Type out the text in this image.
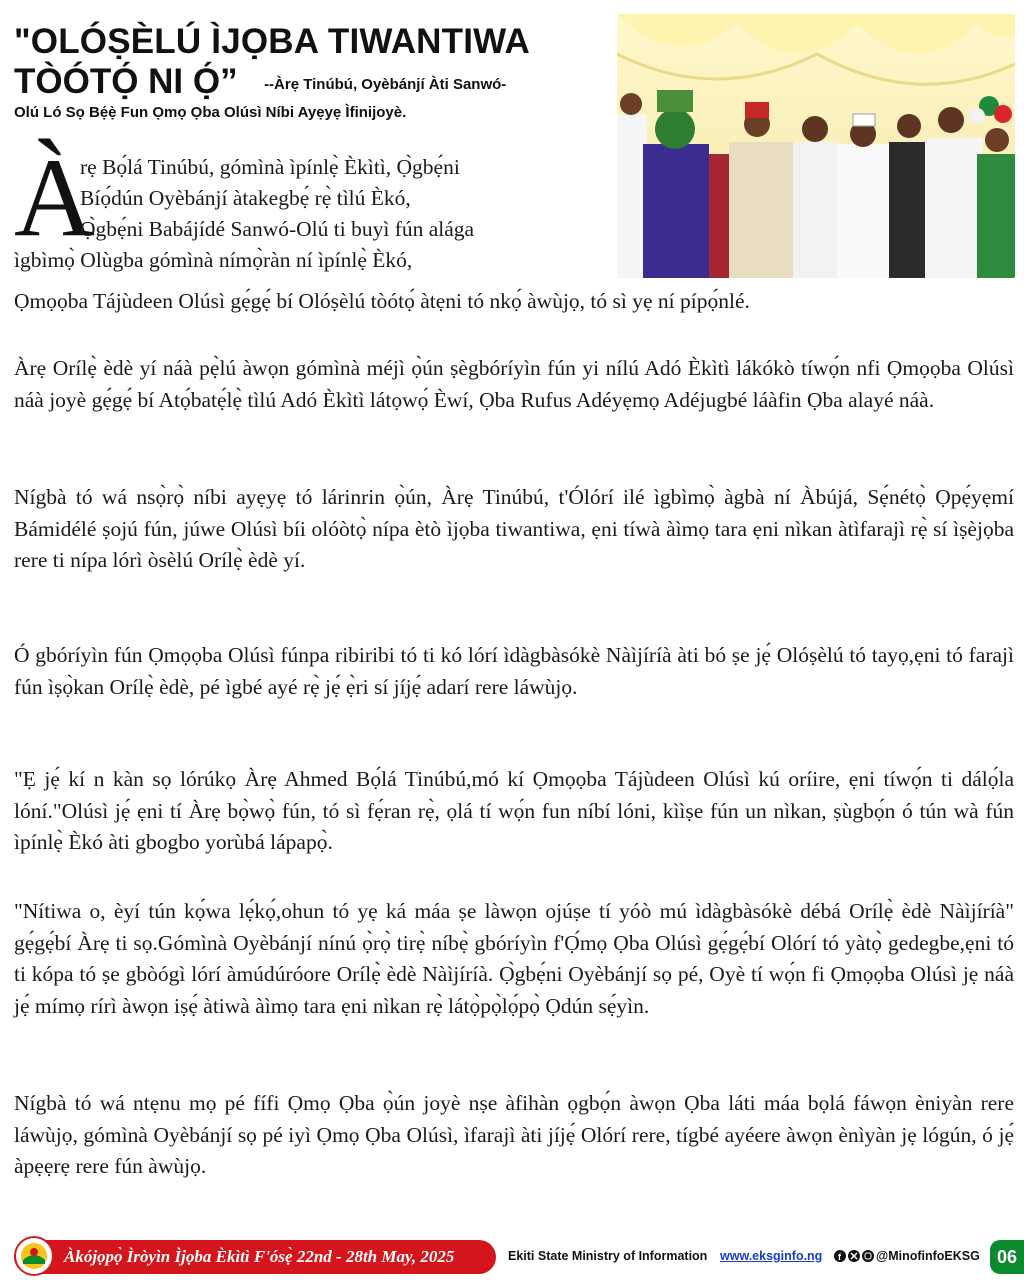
"OLÓṢÈLÚ ÌJỌBA TIWANTIWA
TÒÓTỌ́ NI Ọ́” --Àrẹ Tinúbú, Oyèbánjí Àti Sanwó-
Olú Ló Sọ Bẹ́ẹ̀ Fun Ọmọ Ọba Olúsì Níbi Ayẹyẹ Ìfinijoyè.
À
rẹ Bọ́lá Tinúbú, gómìnà ìpínlẹ̀ Èkìtì, Ọ̀gbẹ́ni
Bíọ́dún Oyèbánjí àtakegbẹ́ rẹ̀ tìlú Èkó,
Ọ̀gbẹ́ni Babájídé Sanwó-Olú ti buyì fún alága
ìgbìmọ̀ Olùgba gómìnà nímọ̀ràn ní ìpínlẹ̀ Èkó,
Ọmọọba Tájùdeen Olúsì gẹ́gẹ́ bí Olóṣèlú tòótọ́ àtẹni tó nkọ́ àwùjọ, tó sì yẹ ní pípọ́nlé.

Àrẹ Orílẹ̀ èdè yí náà pẹ̀lú àwọn gómìnà méjì ọ̀ún ṣègbóríyìn fún yi nílú Adó Èkìtì lákókò tíwọ́n nfi Ọmọọba Olúsì náà joyè gẹ́gẹ́ bí Atọ́batẹ́lẹ̀ tìlú Adó Èkìtì látọwọ́ Èwí, Ọba Rufus Adéyẹmọ Adéjugbé láàfin Ọba alayé náà.

Nígbà tó wá nsọ̀rọ̀ níbi ayẹyẹ tó lárinrin ọ̀ún, Àrẹ Tinúbú, t'Ólórí ilé ìgbìmọ̀ àgbà ní Àbújá, Sẹ́nétọ̀ Ọpẹ́yẹmí Bámidélé ṣojú fún, júwe Olúsì bíi olóòtọ̀ nípa ètò ìjọba tiwantiwa, ẹni tíwà àìmọ tara ẹni nìkan àtìfarajì rẹ̀ sí ìṣèjọba rere ti nípa lórì òsèlú Orílẹ̀ èdè yí.

Ó gbóríyìn fún Ọmọọba Olúsì fúnpa ribiribi tó ti kó lórí ìdàgbàsókè Nàìjíríà àti bó ṣe jẹ́ Olóṣèlú tó tayọ,ẹni tó farajì fún ìṣọ̀kan Orílẹ̀ èdè, pé ìgbé ayé rẹ̀ jẹ́ ẹ̀ri sí jíjẹ́ adarí rere láwùjọ.

"Ẹ jẹ́ kí n kàn sọ lórúkọ Àrẹ Ahmed Bọ́lá Tinúbú,mó kí Ọmọọba Tájùdeen Olúsì kú oríire, ẹni tíwọ́n ti dálọ́la lóní."Olúsì jẹ́ ẹni tí Àrẹ bọ̀wọ̀ fún, tó sì fẹ́ran rẹ̀, ọlá tí wọ́n fun níbí lóni, kììṣe fún un nìkan, ṣùgbọ́n ó tún wà fún ìpínlẹ̀ Èkó àti gbogbo yorùbá lápapọ̀.

"Nítiwa o, èyí tún kọ́wa lẹ́kọ́,ohun tó yẹ ká máa ṣe làwọn ojúṣe tí yóò mú ìdàgbàsókè débá Orílẹ̀ èdè Nàìjíríà" gẹ́gẹ́bí Àrẹ ti sọ.Gómìnà Oyèbánjí nínú ọ̀rọ̀ tirẹ̀ níbẹ̀ gbóríyìn f'Ọ́mọ Ọba Olúsì gẹ́gẹ́bí Olórí tó yàtọ̀ gedegbe,ẹni tó ti kópa tó ṣe gbòógì lórí àmúdúróore Orílẹ̀ èdè Nàìjíríà. Ọ̀gbẹ́ni Oyèbánjí sọ pé, Oyè tí wọ́n fi Ọmọọba Olúsì jẹ náà jẹ́ mímọ rírì àwọn iṣẹ́ àtiwà àìmọ tara ẹni nìkan rẹ̀ látọ̀pọ̀lọ́pọ̀ Ọdún sẹ́yìn.

Nígbà tó wá ntẹnu mọ pé fífi Ọmọ Ọba ọ̀ún joyè nṣe àfihàn ọgbọ́n àwọn Ọba láti máa bọlá fáwọn èniyàn rere láwùjọ, gómìnà Oyèbánjí sọ pé iyì Ọmọ Ọba Olúsì, ìfarajì àti jíjẹ́ Olórí rere, tígbé ayéere àwọn ènìyàn jẹ lógún, ó jẹ́ àpẹẹrẹ rere fún àwùjọ.

Àkójọpọ̀ Ìròyìn Ìjọba Èkìtì F'ósẹ̀ 22nd - 28th May, 2025	Ekiti State Ministry of Information www.eksginfo.ng f	@MinofinfoEKSG 06
